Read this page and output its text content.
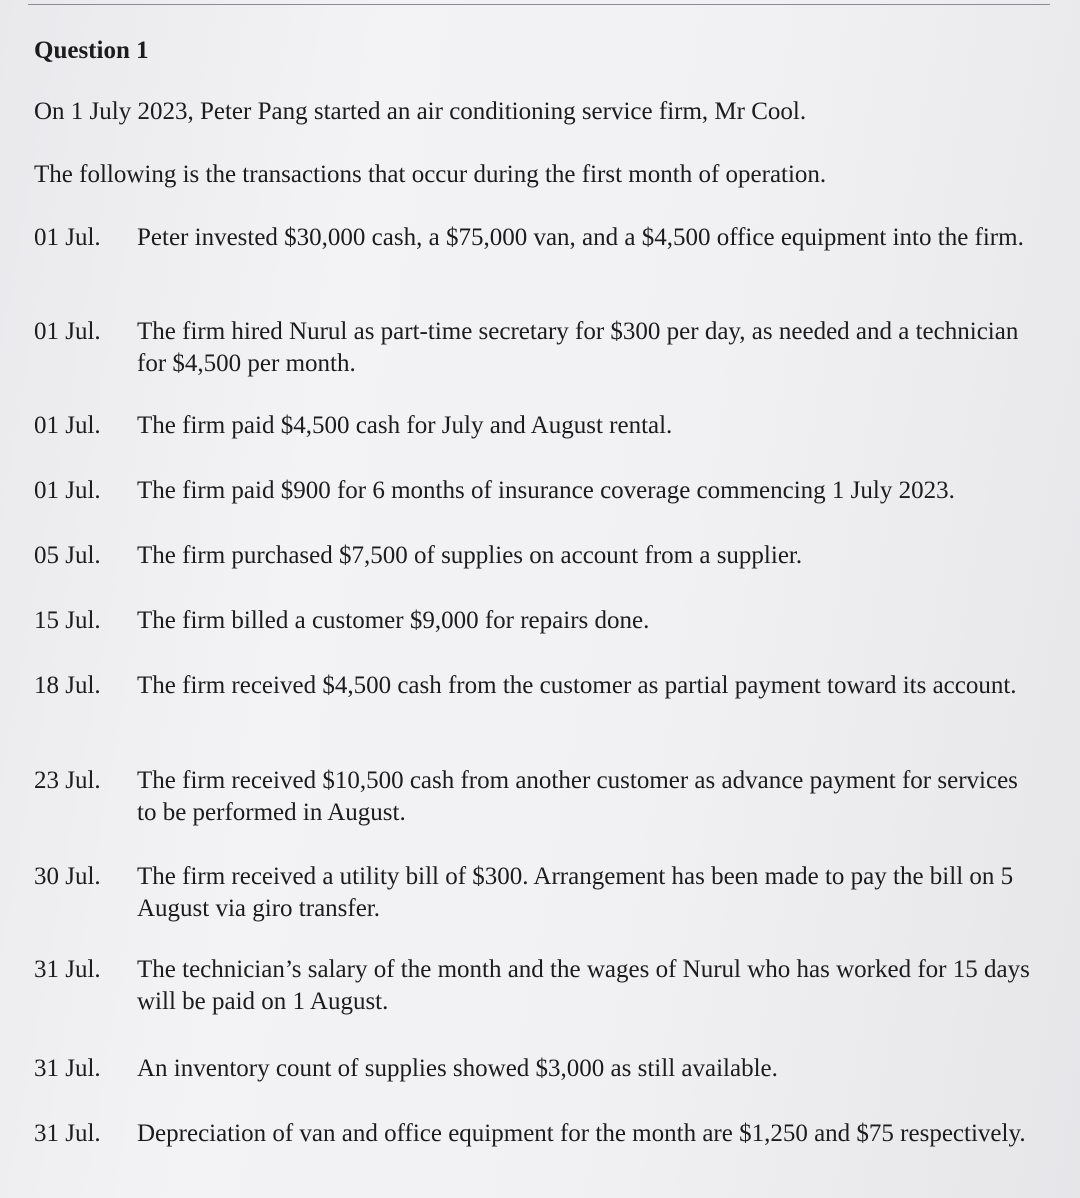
Question 1

On 1 July 2023, Peter Pang started an air conditioning service firm, Mr Cool.

The following is the transactions that occur during the first month of operation.

01 Jul.	Peter invested $30,000 cash, a $75,000 van, and a $4,500 office equipment into the firm.
01 Jul.	The firm hired Nurul as part-time secretary for $300 per day, as needed and a technician for $4,500 per month.
01 Jul.	The firm paid $4,500 cash for July and August rental.
01 Jul.	The firm paid $900 for 6 months of insurance coverage commencing 1 July 2023.
05 Jul.	The firm purchased $7,500 of supplies on account from a supplier.
15 Jul.	The firm billed a customer $9,000 for repairs done.
18 Jul.	The firm received $4,500 cash from the customer as partial payment toward its account.
23 Jul.	The firm received $10,500 cash from another customer as advance payment for services to be performed in August.
30 Jul.	The firm received a utility bill of $300. Arrangement has been made to pay the bill on 5 August via giro transfer.
31 Jul.	The technician’s salary of the month and the wages of Nurul who has worked for 15 days will be paid on 1 August.
31 Jul.	An inventory count of supplies showed $3,000 as still available.
31 Jul.	Depreciation of van and office equipment for the month are $1,250 and $75 respectively.
